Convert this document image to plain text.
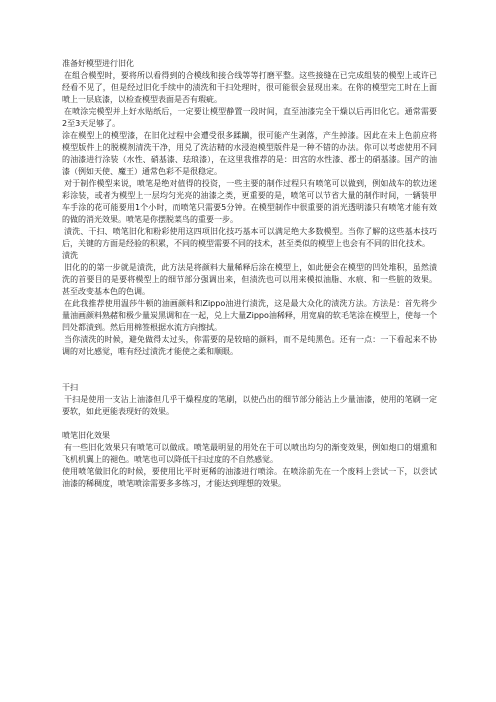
准备好模型进行旧化

在组合模型时，要将所以看得到的合模线和接合线等等打磨平整。这些接缝在已完成组装的模型上或许已经看不见了，但是经过旧化手续中的渍洗和干扫处理时，很可能很会显现出来。在你的模型完工时在上面喷上一层底漆，以检查模型表面是否有瑕疵。

在喷涂完模型并上好水贴纸后，一定要让模型静置一段时间，直至油漆完全干燥以后再旧化它。通常需要2至3天足够了。

涂在模型上的模型漆，在旧化过程中会遭受很多蹂躏，很可能产生剥落，产生掉漆。因此在未上色前应将模型版件上的脱模剂清洗干净，用兑了洗洁精的水浸泡模型版件是一种不错的办法。你可以考虑使用不同的油漆进行涂装（水性、硝基漆、珐琅漆），在这里我推荐的是：田宫的水性漆、郡士的硝基漆。国产的油漆（例如天使、魔王）通常色彩不是很稳定。

对于制作模型来说，喷笔是绝对值得的投资，一些主要的制作过程只有喷笔可以做到，例如战车的软边迷彩涂装，或者为模型上一层均匀光亮的油漆之类，更重要的是，喷笔可以节省大量的制作时间，一辆装甲车手涂的花可能要用1个小时，而喷笔只需要5分钟。在模型制作中很重要的消光透明漆只有喷笔才能有效的做的消光效果。喷笔是你摆脱菜鸟的重要一步。

渍洗、干扫、喷笔旧化和粉彩使用这四项旧化技巧基本可以满足绝大多数模型。当你了解的这些基本技巧后，关键的方面是经验的积累，不同的模型需要不同的技术，甚至类似的模型上也会有不同的旧化技术。

渍洗

旧化的的第一步就是渍洗，此方法是将颜料大量稀释后涂在模型上，如此便会在模型的凹处堆积，虽然渍洗的首要目的是要将模型上的细节部分强调出来，但渍洗也可以用来模拟油脂、水痕、和一些脏的效果。甚至改变基本色的色调。

在此我推荐使用温莎牛顿的油画颜料和Zippo油进行渍洗，这是最大众化的渍洗方法。方法是：首先将少量油画颜料熟赭和极少量炭黑调和在一起，兑上大量Zippo油稀释，用宽扁的软毛笔涂在模型上，使每一个凹处都渍到。然后用棉签根据水流方向擦拭。

当你渍洗的时候，避免做得太过头，你需要的是较暗的颜料，而不是纯黑色。还有一点：一下看起来不协调的对比感觉，唯有经过渍洗才能使之柔和顺眼。

干扫

干扫是使用一支沾上油漆但几乎干燥程度的笔刷，以使凸出的细节部分能沾上少量油漆，使用的笔刷一定要软，如此更能表现好的效果。

喷笔旧化效果

有一些旧化效果只有喷笔可以做成。喷笔最明显的用处在于可以喷出均匀的渐变效果，例如炮口的烟熏和飞机机翼上的褪色。喷笔也可以降低干扫过度的不自然感觉。

使用喷笔做旧化的时候，要使用比平时更稀的油漆进行喷涂。在喷涂前先在一个废料上尝试一下，以尝试油漆的稀稠度，喷笔喷涂需要多多练习，才能达到理想的效果。
